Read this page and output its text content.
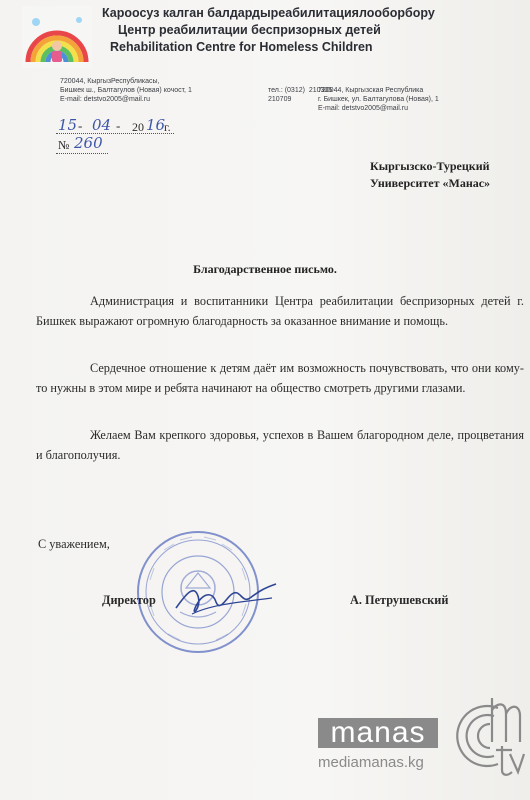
Кароосуз калган балдардыреабилитациялооборбору
Центр реабилитации беспризорных детей
Rehabilitation Centre for Homeless Children
720044, КыргызРеспубликасы,
Бишкек ш., Балтагулов (Новая) кочост, 1
E-mail: detstvo2005@mail.ru
тел.: (0312)  210305
210709
720044, Кыргызская Республика
г. Бишкек, ул. Балтагулова (Новая), 1
E-mail: detstvo2005@mail.ru
15 - 04 - 20 16
г.
№ 260
Кыргызско-Турецкий
Университет «Манас»
Благодарственное письмо.
Администрация и воспитанники Центра реабилитации беспризорных детей г. Бишкек выражают огромную благодарность за оказанное внимание и помощь.
Сердечное отношение к детям даёт им возможность почувствовать, что они кому-то нужны в этом мире и ребята начинают на общество смотреть другими глазами.
Желаем Вам крепкого здоровья, успехов в Вашем благородном деле, процветания и благополучия.
С уважением,
Директор	А. Петрушевский
manas
mediamanas.kg
